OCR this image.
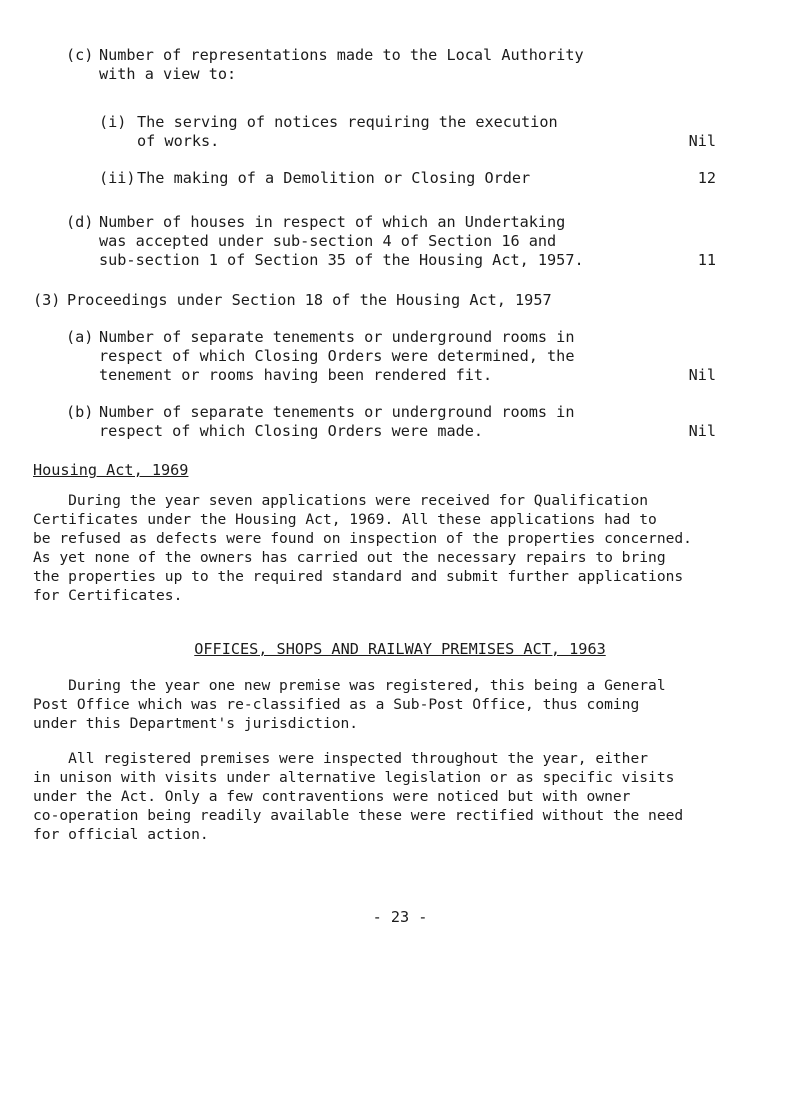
(c) Number of representations made to the Local Authority
with a view to:
(i) The serving of notices requiring the execution
of works.	Nil
(ii) The making of a Demolition or Closing Order	12
(d) Number of houses in respect of which an Undertaking
was accepted under sub-section 4 of Section 16 and
sub-section 1 of Section 35 of the Housing Act, 1957.	11
(3) Proceedings under Section 18 of the Housing Act, 1957
(a) Number of separate tenements or underground rooms in
respect of which Closing Orders were determined, the
tenement or rooms having been rendered fit.	Nil
(b) Number of separate tenements or underground rooms in
respect of which Closing Orders were made.	Nil
Housing Act, 1969
During the year seven applications were received for Qualification
Certificates under the Housing Act, 1969. All these applications had to
be refused as defects were found on inspection of the properties concerned.
As yet none of the owners has carried out the necessary repairs to bring
the properties up to the required standard and submit further applications
for Certificates.
OFFICES, SHOPS AND RAILWAY PREMISES ACT, 1963
During the year one new premise was registered, this being a General
Post Office which was re-classified as a Sub-Post Office, thus coming
under this Department's jurisdiction.
All registered premises were inspected throughout the year, either
in unison with visits under alternative legislation or as specific visits
under the Act. Only a few contraventions were noticed but with owner
co-operation being readily available these were rectified without the need
for official action.
- 23 -
